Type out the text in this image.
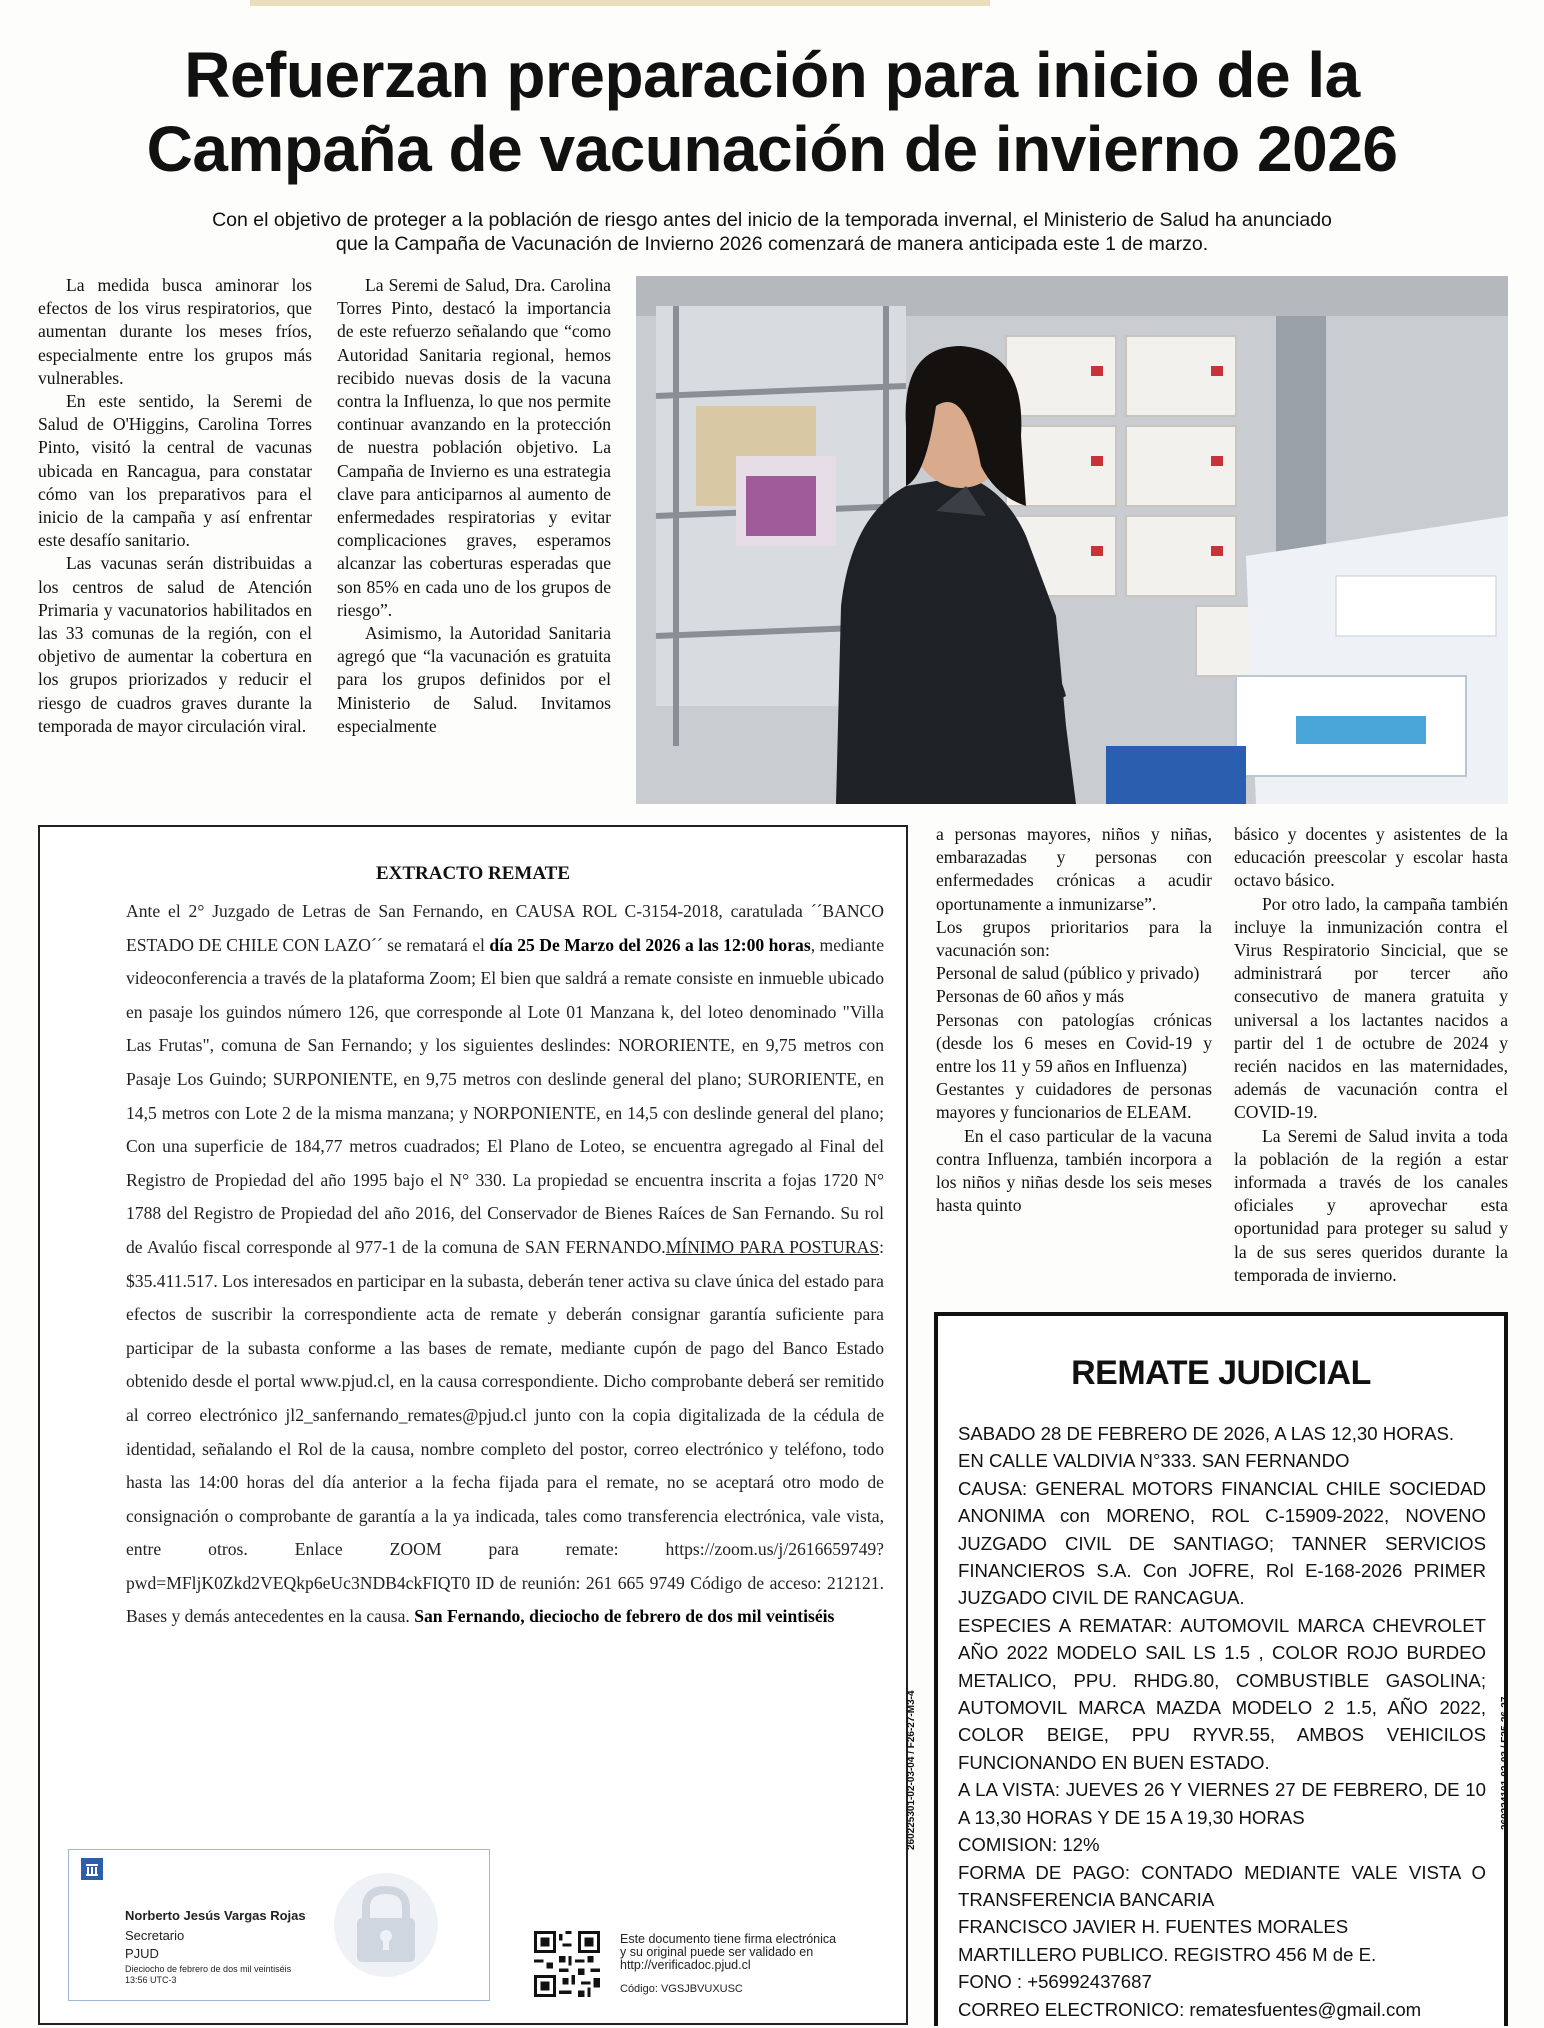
Refuerzan preparación para inicio de la
Campaña de vacunación de invierno 2026
Con el objetivo de proteger a la población de riesgo antes del inicio de la temporada invernal, el Ministerio de Salud ha anunciado
que la Campaña de Vacunación de Invierno 2026 comenzará de manera anticipada este 1 de marzo.

La medida busca aminorar los efectos de los virus respiratorios, que aumentan durante los meses fríos, especialmente entre los grupos más vulnerables.

En este sentido, la Seremi de Salud de O'Higgins, Carolina Torres Pinto, visitó la central de vacunas ubicada en Rancagua, para constatar cómo van los preparativos para el inicio de la campaña y así enfrentar este desafío sanitario.

Las vacunas serán distribuidas a los centros de salud de Atención Primaria y vacunatorios habilitados en las 33 comunas de la región, con el objetivo de aumentar la cobertura en los grupos priorizados y reducir el riesgo de cuadros graves durante la temporada de mayor circulación viral.

La Seremi de Salud, Dra. Carolina Torres Pinto, destacó la importancia de este refuerzo señalando que “como Autoridad Sanitaria regional, hemos recibido nuevas dosis de la vacuna contra la Influenza, lo que nos permite continuar avanzando en la protección de nuestra población objetivo. La Campaña de Invierno es una estrategia clave para anticiparnos al aumento de enfermedades respiratorias y evitar complicaciones graves, esperamos alcanzar las coberturas esperadas que son 85% en cada uno de los grupos de riesgo”.

Asimismo, la Autoridad Sanitaria agregó que “la vacunación es gratuita para los grupos definidos por el Ministerio de Salud. Invitamos especialmente

a personas mayores, niños y niñas, embarazadas y personas con enfermedades crónicas a acudir oportunamente a inmunizarse”.
Los grupos prioritarios para la vacunación son:
Personal de salud (público y privado)
Personas de 60 años y más
Personas con patologías crónicas (desde los 6 meses en Covid-19 y entre los 11 y 59 años en Influenza)
Gestantes y cuidadores de personas mayores y funcionarios de ELEAM.

En el caso particular de la vacuna contra Influenza, también incorpora a los niños y niñas desde los seis meses hasta quinto

básico y docentes y asistentes de la educación preescolar y escolar hasta octavo básico.

Por otro lado, la campaña también incluye la inmunización contra el Virus Respiratorio Sincicial, que se administrará por tercer año consecutivo de manera gratuita y universal a los lactantes nacidos a partir del 1 de octubre de 2024 y recién nacidos en las maternidades, además de vacunación contra el COVID-19.

La Seremi de Salud invita a toda la población de la región a estar informada a través de los canales oficiales y aprovechar esta oportunidad para proteger su salud y la de sus seres queridos durante la temporada de invierno.

EXTRACTO REMATE
Ante el 2° Juzgado de Letras de San Fernando, en CAUSA ROL C-3154-2018, caratulada ´´BANCO ESTADO DE CHILE CON LAZO´´ se rematará el día 25 De Marzo del 2026 a las 12:00 horas, mediante videoconferencia a través de la plataforma Zoom; El bien que saldrá a remate consiste en inmueble ubicado en pasaje los guindos número 126, que corresponde al Lote 01 Manzana k, del loteo denominado "Villa Las Frutas", comuna de San Fernando; y los siguientes deslindes: NORORIENTE, en 9,75 metros con Pasaje Los Guindo; SURPONIENTE, en 9,75 metros con deslinde general del plano; SURORIENTE, en 14,5 metros con Lote 2 de la misma manzana; y NORPONIENTE, en 14,5 con deslinde general del plano; Con una superficie de 184,77 metros cuadrados; El Plano de Loteo, se encuentra agregado al Final del Registro de Propiedad del año 1995 bajo el N° 330. La propiedad se encuentra inscrita a fojas 1720 N° 1788 del Registro de Propiedad del año 2016, del Conservador de Bienes Raíces de San Fernando. Su rol de Avalúo fiscal corresponde al 977-1 de la comuna de SAN FERNANDO.MÍNIMO PARA POSTURAS: $35.411.517. Los interesados en participar en la subasta, deberán tener activa su clave única del estado para efectos de suscribir la correspondiente acta de remate y deberán consignar garantía suficiente para participar de la subasta conforme a las bases de remate, mediante cupón de pago del Banco Estado obtenido desde el portal www.pjud.cl, en la causa correspondiente. Dicho comprobante deberá ser remitido al correo electrónico jl2_sanfernando_remates@pjud.cl junto con la copia digitalizada de la cédula de identidad, señalando el Rol de la causa, nombre completo del postor, correo electrónico y teléfono, todo hasta las 14:00 horas del día anterior a la fecha fijada para el remate, no se aceptará otro modo de consignación o comprobante de garantía a la ya indicada, tales como transferencia electrónica, vale vista, entre otros. Enlace ZOOM para remate: https://zoom.us/j/2616659749?pwd=MFljK0Zkd2VEQkp6eUc3NDB4ckFIQT0 ID de reunión: 261 665 9749 Código de acceso: 212121. Bases y demás antecedentes en la causa. San Fernando, dieciocho de febrero de dos mil veintiséis
Norberto Jesús Vargas Rojas
Secretario
PJUD
Dieciocho de febrero de dos mil veintiséis
13:56 UTC-3
Este documento tiene firma electrónica
y su original puede ser validado en
http://verificadoc.pjud.cl
Código: VGSJBVUXUSC
260225301-02-03-04 / F26-27-M3-4
REMATE JUDICIAL
SABADO 28 DE FEBRERO DE 2026, A LAS 12,30 HORAS.
EN CALLE VALDIVIA N°333. SAN FERNANDO
CAUSA: GENERAL MOTORS FINANCIAL CHILE SOCIEDAD ANONIMA con MORENO, ROL C-15909-2022, NOVENO JUZGADO CIVIL DE SANTIAGO; TANNER SERVICIOS FINANCIEROS S.A. Con JOFRE, Rol E-168-2026 PRIMER JUZGADO CIVIL DE RANCAGUA.
ESPECIES A REMATAR: AUTOMOVIL MARCA CHEVROLET AÑO 2022 MODELO SAIL LS 1.5 , COLOR ROJO BURDEO METALICO, PPU. RHDG.80, COMBUSTIBLE GASOLINA; AUTOMOVIL MARCA MAZDA MODELO 2 1.5, AÑO 2022, COLOR BEIGE, PPU RYVR.55, AMBOS VEHICILOS FUNCIONANDO EN BUEN ESTADO.
A LA VISTA: JUEVES 26 Y VIERNES 27 DE FEBRERO, DE 10 A 13,30 HORAS Y DE 15 A 19,30 HORAS
COMISION: 12%
FORMA DE PAGO: CONTADO MEDIANTE VALE VISTA O TRANSFERENCIA BANCARIA
FRANCISCO JAVIER H. FUENTES MORALES
MARTILLERO PUBLICO. REGISTRO 456 M de E.
FONO : +56992437687
CORREO ELECTRONICO: rematesfuentes@gmail.com
260224101-02-03 / F25-26-27
